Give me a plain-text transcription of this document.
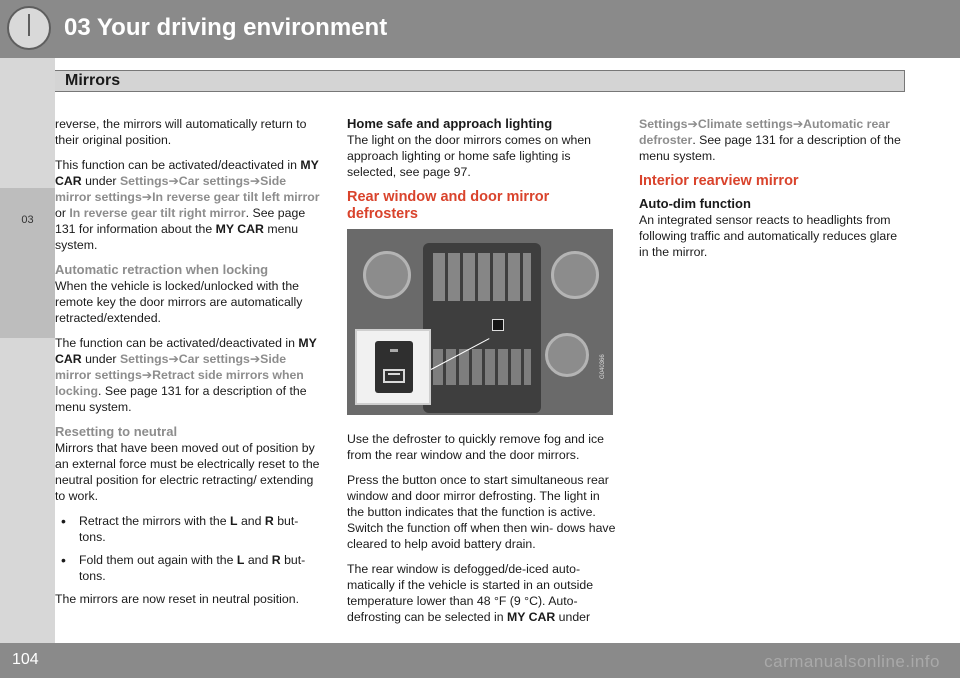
03 Your driving environment
03
Mirrors

reverse, the mirrors will automatically return to their original position.

This function can be activated/deactivated in MY CAR under Settings➔Car settings➔Side mirror settings➔In reverse gear tilt left mirror or In reverse gear tilt right mirror. See page 131 for information about the MY CAR menu system.

Automatic retraction when locking

When the vehicle is locked/unlocked with the remote key the door mirrors are automatically retracted/extended.

The function can be activated/deactivated in MY CAR under Settings➔Car settings➔Side mirror settings➔Retract side mirrors when locking. See page 131 for a description of the menu system.

Resetting to neutral

Mirrors that have been moved out of position by an external force must be electrically reset to the neutral position for electric retracting/ extending to work.

• Retract the mirrors with the L and R but- tons.
• Fold them out again with the L and R but- tons.

The mirrors are now reset in neutral position.

Home safe and approach lighting

The light on the door mirrors comes on when approach lighting or home safe lighting is selected, see page 97.

Rear window and door mirror defrosters
G040366

Use the defroster to quickly remove fog and ice from the rear window and the door mirrors.

Press the button once to start simultaneous rear window and door mirror defrosting. The light in the button indicates that the function is active. Switch the function off when then win- dows have cleared to help avoid battery drain.

The rear window is defogged/de-iced auto- matically if the vehicle is started in an outside temperature lower than 48 °F (9 °C). Auto- defrosting can be selected in MY CAR under

Settings➔Climate settings➔Automatic rear defroster. See page 131 for a description of the menu system.

Interior rearview mirror
Auto-dim function

An integrated sensor reacts to headlights from following traffic and automatically reduces glare in the mirror.

104	carmanualsonline.info
